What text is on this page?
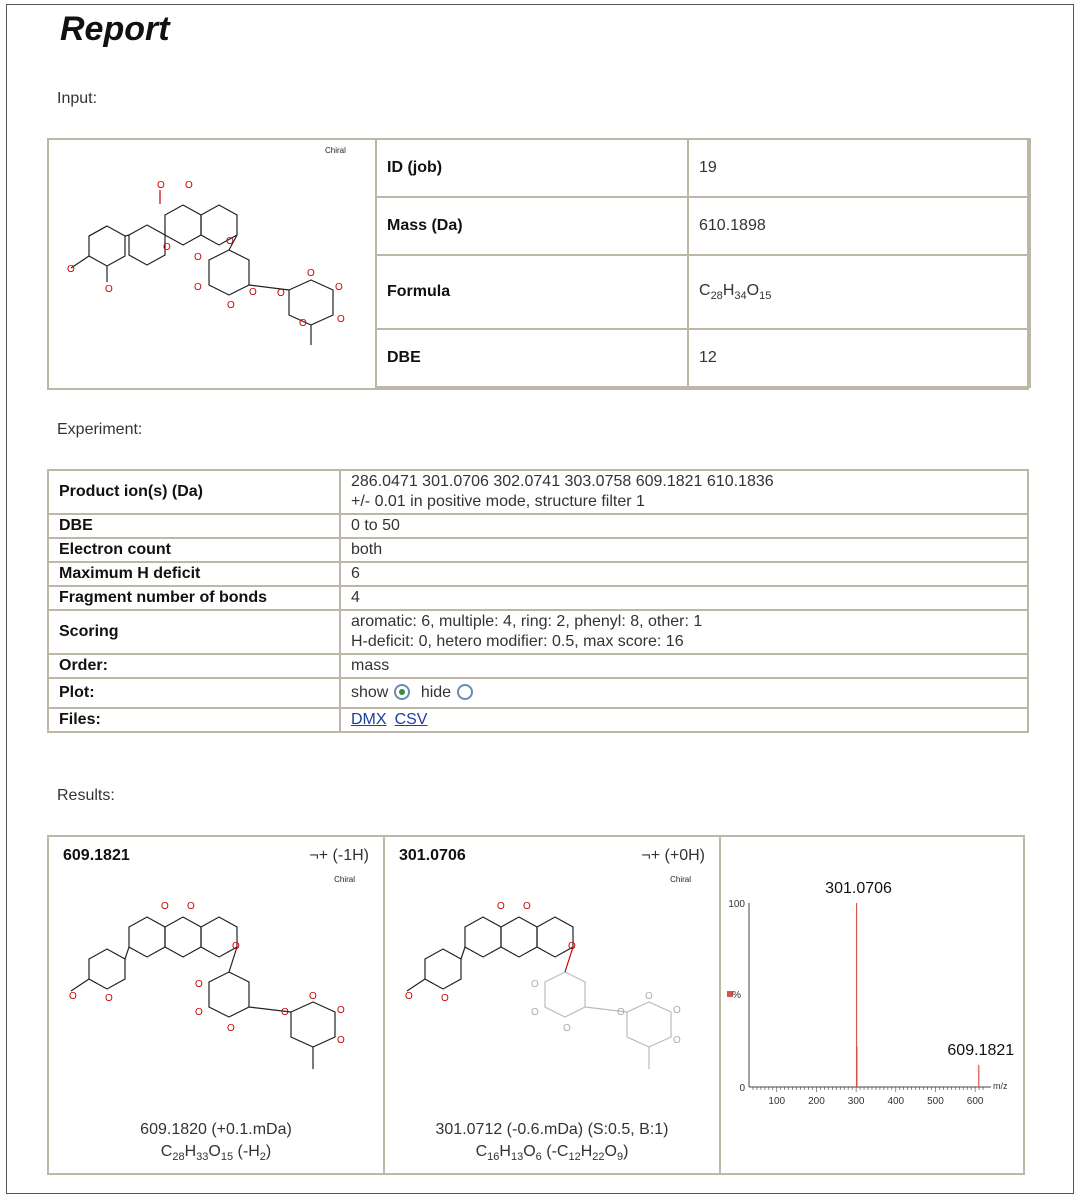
Report
Input:
Chiral
O O
O
O
O
O
O
O
O
O O
O
O
O
O
ID (job)	19
Mass (Da)	610.1898
Formula	$C_{28}H_{34}O_{15}$
DBE	12
Experiment:
Product ion(s) (Da)	286.0471 301.0706 302.0741 303.0758 609.1821 610.1836
+/- 0.01 in positive mode, structure filter 1

DBE	0 to 50
Electron count	both
Maximum H deficit	6
Fragment number of bonds	4
Scoring	aromatic: 6, multiple: 4, ring: 2, phenyl: 8, other: 1
H-deficit: 0, hetero modifier: 0.5, max score: 16

Order:	mass
Plot:	show hide
Files:	DMX CSV
Results:
609.1821	¬+ (-1H)
Chiral
O O
O
O	O
O
O
O
O
O
O
O
609.1820 (+0.1.mDa)
$C_{28}H_{33}O_{15}$ $(-H_2)$
301.0706	¬+ (+0H)
Chiral
O O
O
O	O
O
O
O
O
O
O
O
301.0712 (-0.6.mDa) (S:0.5, B:1)
$C_{16}H_{13}O_6$ $(-C_{12}H_{22}O_9)$
100 200 300 400 500 600
100
0
%
m/z
301.0706
609.1821
